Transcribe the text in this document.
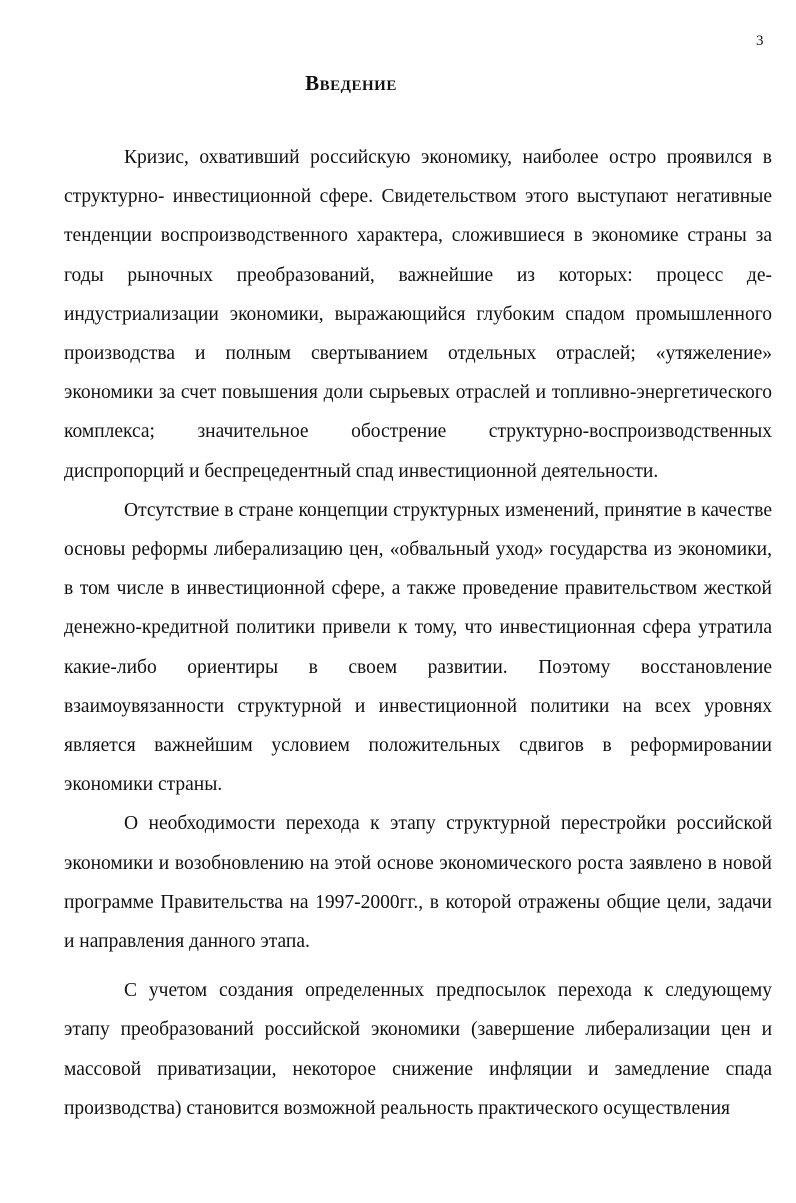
3
Введение

Кризис, охвативший российскую экономику, наиболее остро проявился в структурно- инвестиционной сфере. Свидетельством этого выступают негативные тенденции воспроизводственного характера, сложившиеся в экономике страны за годы рыночных преобразований, важнейшие из которых: процесс деиндустриализации экономики, выражающийся глубоким спадом промышленного производства и полным свертыванием отдельных отраслей; «утяжеление» экономики за счет повышения доли сырьевых отраслей и топливно-энергетического комплекса; значительное обострение структурно-воспроизводственных диспропорций и беспрецедентный спад инвестиционной деятельности.

Отсутствие в стране концепции структурных изменений, принятие в качестве основы реформы либерализацию цен, «обвальный уход» государства из экономики, в том числе в инвестиционной сфере, а также проведение правительством жесткой денежно-кредитной политики привели к тому, что инвестиционная сфера утратила какие-либо ориентиры в своем развитии. Поэтому восстановление взаимоувязанности структурной и инвестиционной политики на всех уровнях является важнейшим условием положительных сдвигов в реформировании экономики страны.

О необходимости перехода к этапу структурной перестройки российской экономики и возобновлению на этой основе экономического роста заявлено в новой программе Правительства на 1997-2000гг., в которой отражены общие цели, задачи и направления данного этапа.

С учетом создания определенных предпосылок перехода к следующему этапу преобразований российской экономики (завершение либерализации цен и массовой приватизации, некоторое снижение инфляции и замедление спада производства) становится возможной реальность практического осуществления
